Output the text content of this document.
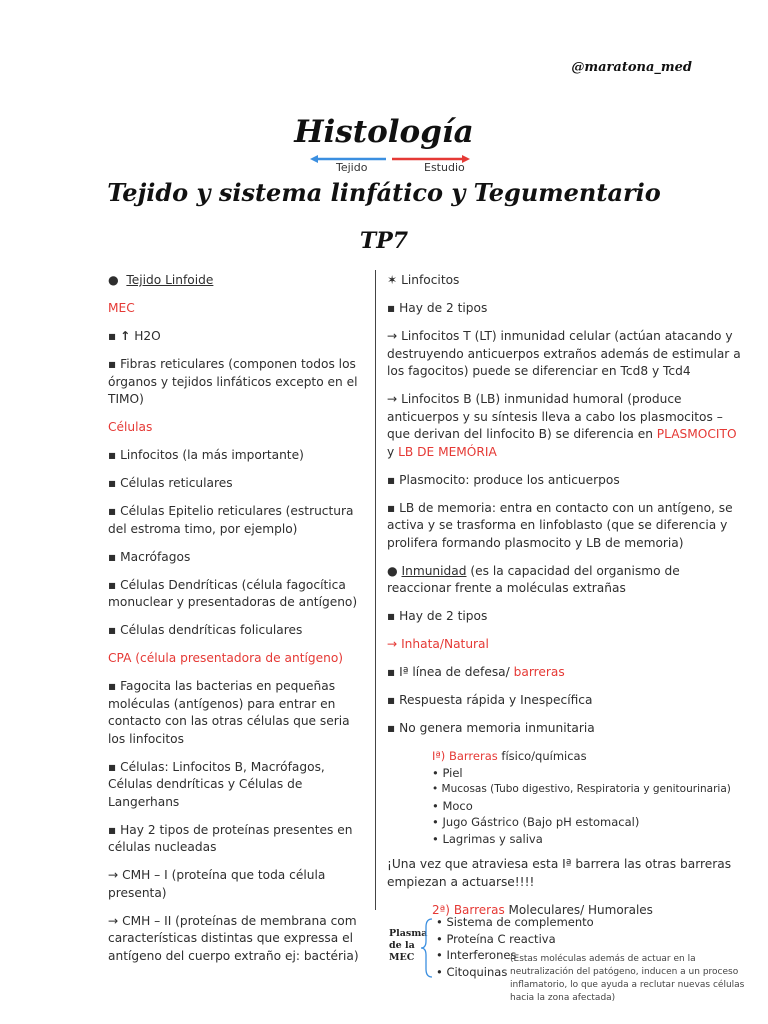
@maratona_med
Histología
Tejido	Estudio
Tejido y sistema linfático y Tegumentario
TP7

● Tejido Linfoide

MEC

▪ ↑ H2O

▪ Fibras reticulares (componen todos los órganos y tejidos linfáticos excepto en el TIMO)

Células

▪ Linfocitos (la más importante)

▪ Células reticulares

▪ Células Epitelio reticulares (estructura del estroma timo, por ejemplo)

▪ Macrófagos

▪ Células Dendríticas (célula fagocítica monuclear y presentadoras de antígeno)

▪ Células dendríticas foliculares

CPA (célula presentadora de antígeno)

▪ Fagocita las bacterias en pequeñas moléculas (antígenos) para entrar en contacto con las otras células que seria los linfocitos

▪ Células: Linfocitos B, Macrófagos, Células dendríticas y Células de Langerhans

▪ Hay 2 tipos de proteínas presentes en células nucleadas

→ CMH – I (proteína que toda célula presenta)

→ CMH – II (proteínas de membrana com características distintas que expressa el antígeno del cuerpo extraño ej: bactéria)

✶ Linfocitos

▪ Hay de 2 tipos

→ Linfocitos T (LT) inmunidad celular (actúan atacando y destruyendo anticuerpos extraños además de estimular a los fagocitos) puede se diferenciar en Tcd8 y Tcd4

→ Linfocitos B (LB) inmunidad humoral (produce anticuerpos y su síntesis lleva a cabo los plasmocitos – que derivan del linfocito B) se diferencia en PLASMOCITO y LB DE MEMÓRIA

▪ Plasmocito: produce los anticuerpos

▪ LB de memoria: entra en contacto con un antígeno, se activa y se trasforma en linfoblasto (que se diferencia y prolifera formando plasmocito y LB de memoria)

● Inmunidad (es la capacidad del organismo de reaccionar frente a moléculas extrañas

▪ Hay de 2 tipos

→ Inhata/Natural

▪ Iª línea de defesa/ barreras

▪ Respuesta rápida y Inespecífica

▪ No genera memoria inmunitaria

Iª) Barreras físico/químicas

• Piel

• Mucosas (Tubo digestivo, Respiratoria y genitourinaria)

• Moco

• Jugo Gástrico (Bajo pH estomacal)

• Lagrimas y saliva

¡Una vez que atraviesa esta Iª barrera las otras barreras empiezan a actuarse!!!!

2ª) Barreras Moleculares/ Humorales
Plasma
de la
MEC

• Sistema de complemento

• Proteína C reactiva

• Interferones

• Citoquinas

(Estas moléculas además de actuar en la neutralización del patógeno, inducen a un proceso inflamatorio, lo que ayuda a reclutar nuevas células hacia la zona afectada)
